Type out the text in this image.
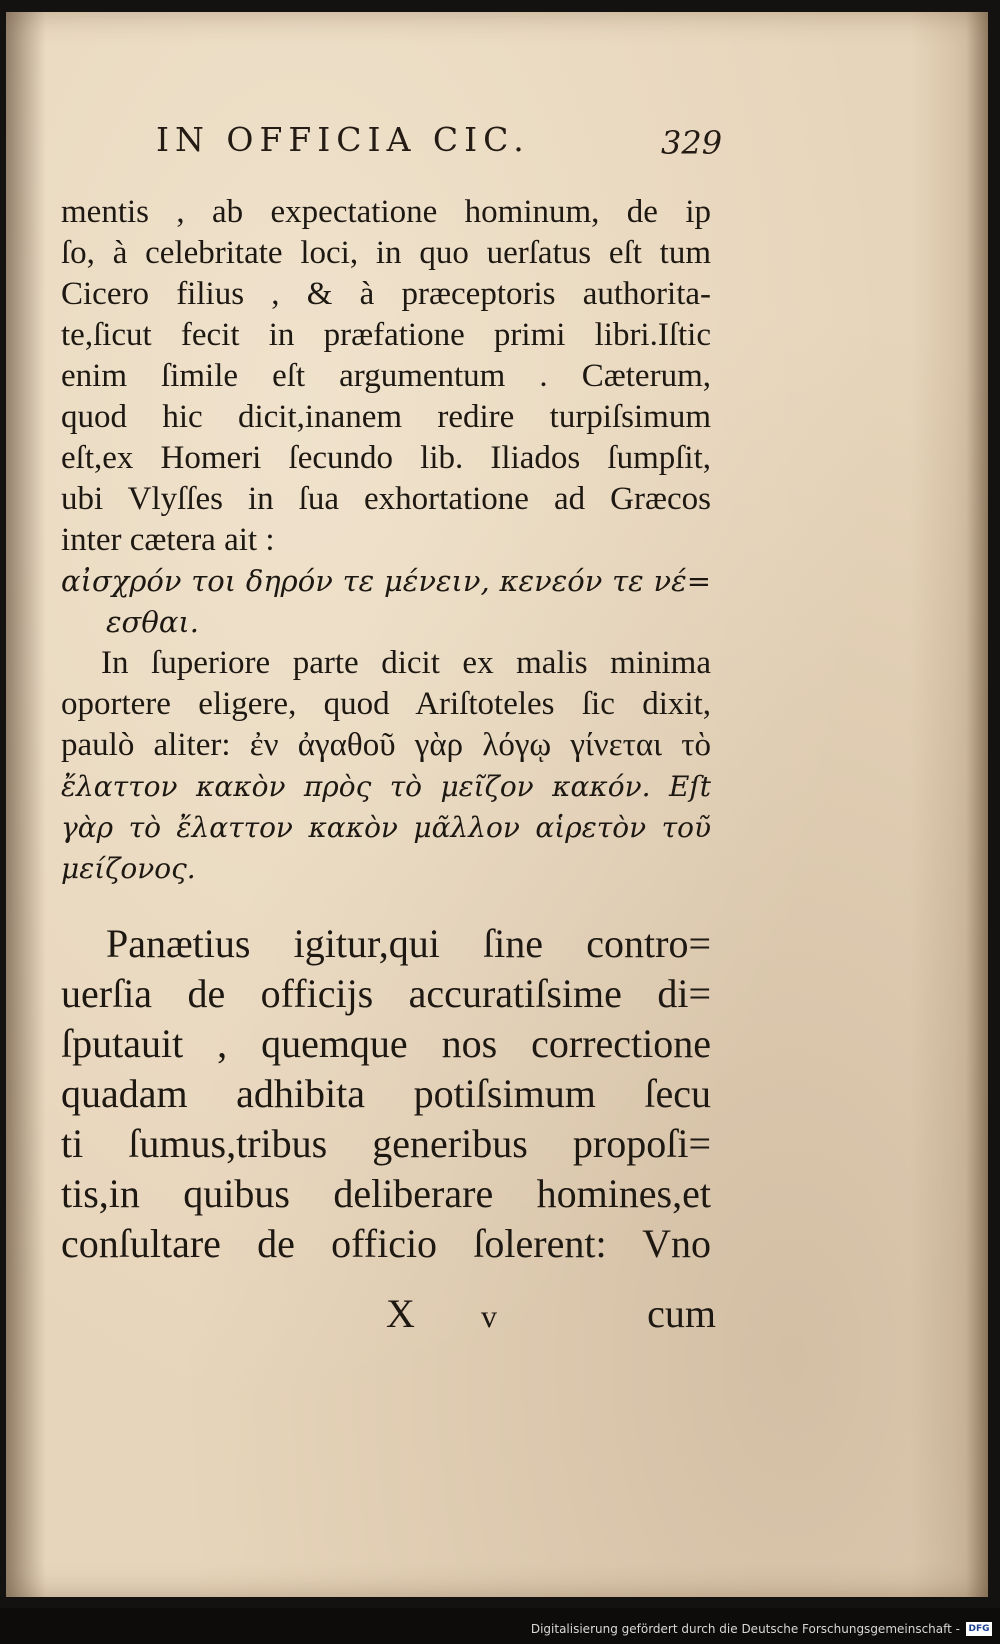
IN OFFICIA CIC.	329
mentis , ab expectatione hominum, de ip
ſo, à celebritate loci, in quo uerſatus eſt tum
Cicero filius , & à præceptoris authorita-
te,ſicut fecit in præfatione primi libri.Iſtic
enim ſimile eſt argumentum . Cæterum,
quod hic dicit,inanem redire turpiſsimum
eſt,ex Homeri ſecundo lib. Iliados ſumpſit,
ubi Vlyſſes in ſua exhortatione ad Græcos
inter cætera ait :
αἰσχρόν τοι δηρόν τε μένειν, κενεόν τε νέ=
εσθαι.
In ſuperiore parte dicit ex malis minima
oportere eligere, quod Ariſtoteles ſic dixit,
paulò aliter: ἐν ἀγαθοῦ γὰρ λόγῳ γίνεται τὸ
ἔλαττον κακὸν πρὸς τὸ μεῖζον κακόν. Eſt
γὰρ τὸ ἔλαττον κακὸν μᾶλλον αἱρετὸν τοῦ
μείζονος.
Panætius igitur,qui ſine contro=
uerſia de officijs accuratiſsime di=
ſputauit , quemque nos correctione
quadam adhibita potiſsimum ſecu
ti ſumus,tribus generibus propoſi=
tis,in quibus deliberare homines,et
conſultare de officio ſolerent: Vno
X v	cum
Digitalisierung gefördert durch die Deutsche Forschungsgemeinschaft - DFG
